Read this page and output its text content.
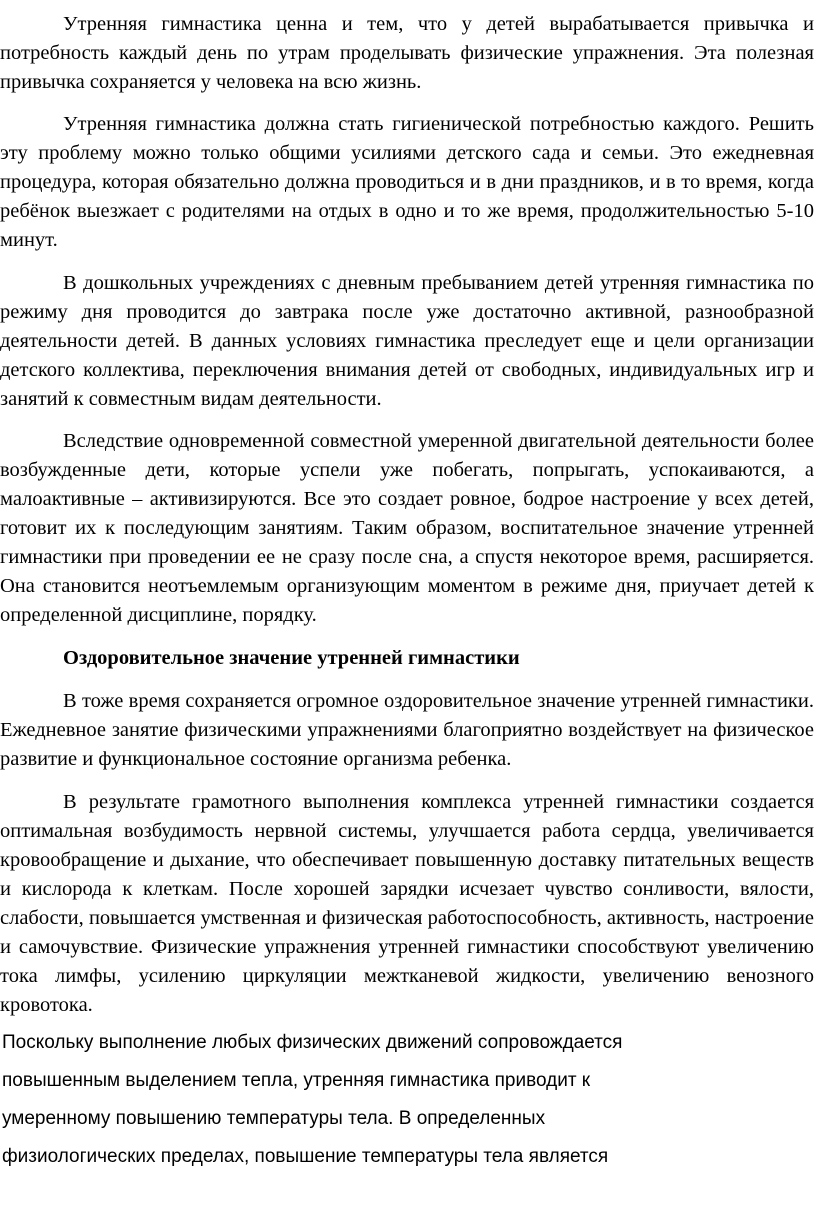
Утренняя гимнастика ценна и тем, что у детей вырабатывается привычка и потребность каждый день по утрам проделывать физические упражнения. Эта полезная привычка сохраняется у человека на всю жизнь.

Утренняя гимнастика должна стать гигиенической потребностью каждого. Решить эту проблему можно только общими усилиями детского сада и семьи. Это ежедневная процедура, которая обязательно должна проводиться и в дни праздников, и в то время, когда ребёнок выезжает с родителями на отдых в одно и то же время, продолжительностью 5-10 минут.

В дошкольных учреждениях с дневным пребыванием детей утренняя гимнастика по режиму дня проводится до завтрака после уже достаточно активной, разнообразной деятельности детей. В данных условиях гимнастика преследует еще и цели организации детского коллектива, переключения внимания детей от свободных, индивидуальных игр и занятий к совместным видам деятельности.

Вследствие одновременной совместной умеренной двигательной деятельности более возбужденные дети, которые успели уже побегать, попрыгать, успокаиваются, а малоактивные – активизируются. Все это создает ровное, бодрое настроение у всех детей, готовит их к последующим занятиям. Таким образом, воспитательное значение утренней гимнастики при проведении ее не сразу после сна, а спустя некоторое время, расширяется. Она становится неотъемлемым организующим моментом в режиме дня, приучает детей к определенной дисциплине, порядку.

Оздоровительное значение утренней гимнастики

В тоже время сохраняется огромное оздоровительное значение утренней гимнастики. Ежедневное занятие физическими упражнениями благоприятно воздействует на физическое развитие и функциональное состояние организма ребенка.

В результате грамотного выполнения комплекса утренней гимнастики создается оптимальная возбудимость нервной системы, улучшается работа сердца, увеличивается кровообращение и дыхание, что обеспечивает повышенную доставку питательных веществ и кислорода к клеткам. После хорошей зарядки исчезает чувство сонливости, вялости, слабости, повышается умственная и физическая работоспособность, активность, настроение и самочувствие. Физические упражнения утренней гимнастики способствуют увеличению тока лимфы, усилению циркуляции межтканевой жидкости, увеличению венозного кровотока.

Поскольку выполнение любых физических движений сопровождается
повышенным выделением тепла, утренняя гимнастика приводит к
умеренному повышению температуры тела. В определенных
физиологических пределах, повышение температуры тела является
